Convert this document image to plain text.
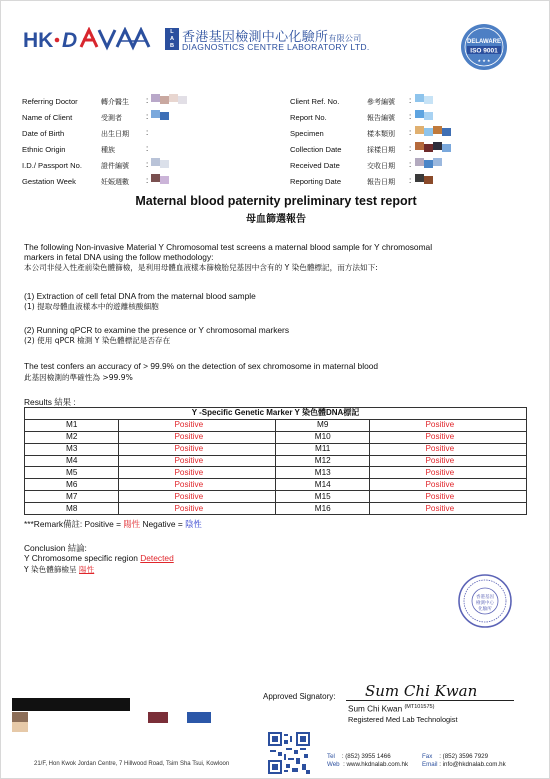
HK D	L
A
B
香港基因檢測中心化驗所有限公司
DIAGNOSTICS CENTRE LABORATORY LTD.	DELAWARE
ISO 9001
★ ★ ★
Referring Doctor	轉介醫生 :
Name of Client	受測者	:
Date of Birth	出生日期 :
Ethnic Origin	種族	:
I.D./ Passport No.	證件編號 :
Gestation Week	妊娠週數 :
Client Ref. No.	參考編號 :
Report No.	報告編號 :
Specimen	樣本類別 :
Collection Date	採樣日期 :
Received Date	交收日期 :
Reporting Date	報告日期 :
Maternal blood paternity preliminary test report
母血篩選報告
The following Non-invasive Material Y Chromosomal test screens a maternal blood sample for Y chromosomal
markers in fetal DNA using the follow methodology:
本公司非侵入性產前染色體篩檢，是利用母體血液樣本篩檢胎兒基因中含有的 Y 染色體標記，而方法如下:
(1) Extraction of cell fetal DNA from the maternal blood sample
(1) 提取母體血液樣本中的遊離核酸細胞
(2) Running qPCR to examine the presence or Y chromosomal markers
(2) 使用 qPCR 檢測 Y 染色體標記是否存在
The test confers an accuracy of > 99.9% on the detection of sex chromosome in maternal blood
此基因檢測的準確性為 >99.9%
Results 結果 :
Y -Specific Genetic Marker Y 染色體DNA標記			
M1	Positive	M9	Positive
M2	Positive	M10	Positive
M3	Positive	M11	Positive
M4	Positive	M12	Positive
M5	Positive	M13	Positive
M6	Positive	M14	Positive
M7	Positive	M15	Positive
M8	Positive	M16	Positive
***Remark備註: Positive = 陽性 Negative = 陰性
Conclusion 結論:
Y Chromosome specific region Detected
Y 染色體篩檢呈 陽性
香港基因
檢測中心
化驗所
Approved Signatory: Sum Chi Kwan
Sum Chi Kwan $^{(MT101575)}$
Registered Med Lab Technologist
21/F, Hon Kwok Jordan Centre, 7 Hillwood Road, Tsim Sha Tsui, Kowloon
Tel : (852) 3955 1466
Web : www.hkdnalab.com.hk
Fax : (852) 3596 7929
Email : info@hkdnalab.com.hk
